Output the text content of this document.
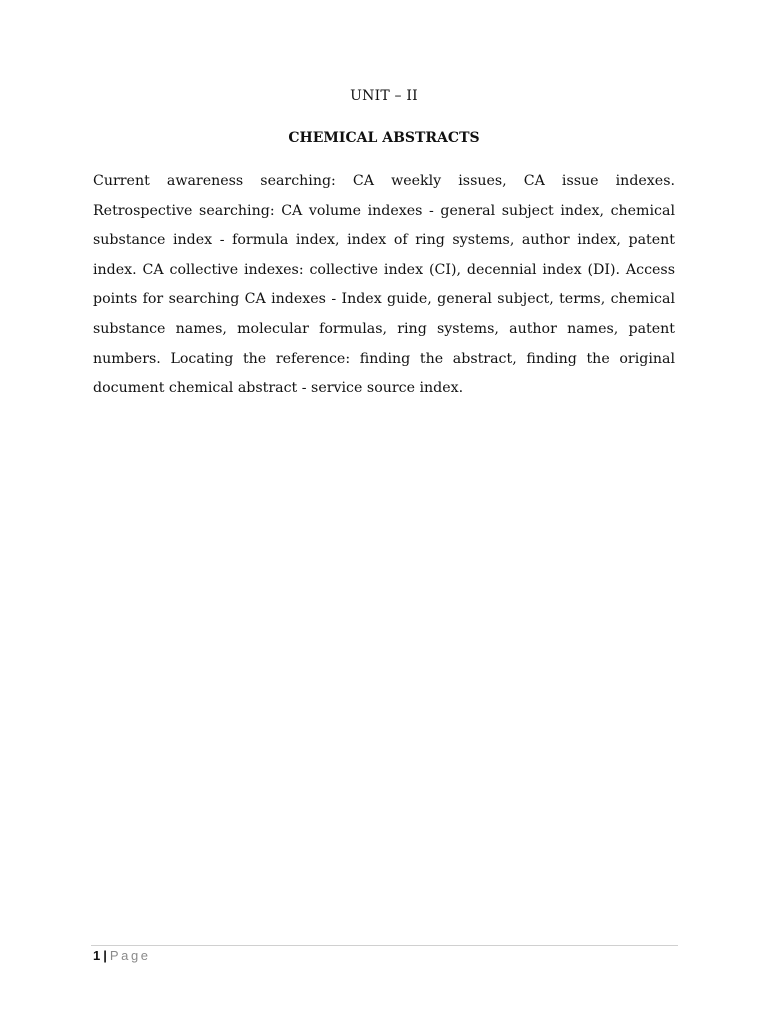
UNIT – II
CHEMICAL ABSTRACTS

Current awareness searching: CA weekly issues, CA issue indexes. Retrospective searching: CA volume indexes - general subject index, chemical substance index - formula index, index of ring systems, author index, patent index. CA collective indexes: collective index (CI), decennial index (DI). Access points for searching CA indexes - Index guide, general subject, terms, chemical substance names, molecular formulas, ring systems, author names, patent numbers. Locating the reference: finding the abstract, finding the original document chemical abstract - service source index.

1 | Page
